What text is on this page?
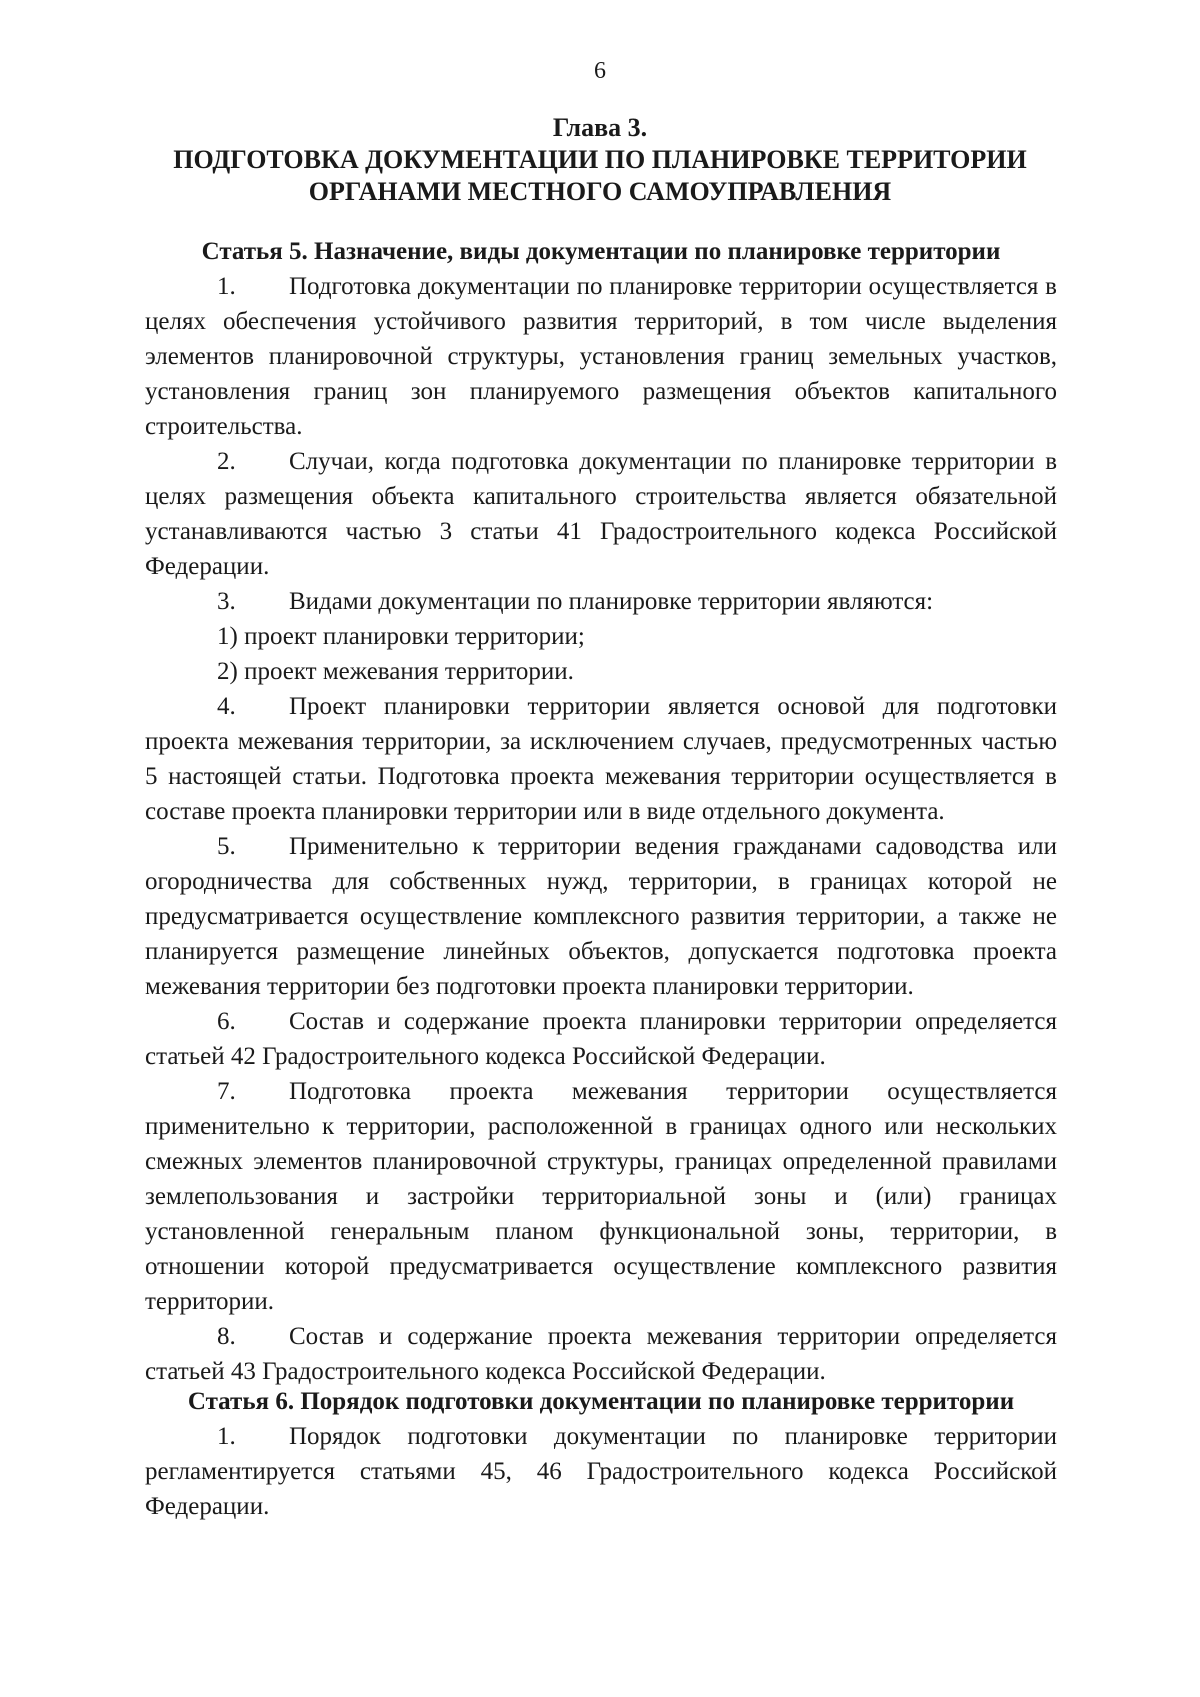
6
Глава 3.
ПОДГОТОВКА ДОКУМЕНТАЦИИ ПО ПЛАНИРОВКЕ ТЕРРИТОРИИ
ОРГАНАМИ МЕСТНОГО САМОУПРАВЛЕНИЯ
Статья 5. Назначение, виды документации по планировке территории

1. Подготовка документации по планировке территории осуществляется в целях обеспечения устойчивого развития территорий, в том числе выделения элементов планировочной структуры, установления границ земельных участков, установления границ зон планируемого размещения объектов капитального строительства.

2. Случаи, когда подготовка документации по планировке территории в целях размещения объекта капитального строительства является обязательной устанавливаются частью 3 статьи 41 Градостроительного кодекса Российской Федерации.

3. Видами документации по планировке территории являются:

1) проект планировки территории;

2) проект межевания территории.

4. Проект планировки территории является основой для подготовки проекта межевания территории, за исключением случаев, предусмотренных частью 5 настоящей статьи. Подготовка проекта межевания территории осуществляется в составе проекта планировки территории или в виде отдельного документа.

5. Применительно к территории ведения гражданами садоводства или огородничества для собственных нужд, территории, в границах которой не предусматривается осуществление комплексного развития территории, а также не планируется размещение линейных объектов, допускается подготовка проекта межевания территории без подготовки проекта планировки территории.

6. Состав и содержание проекта планировки территории определяется статьей 42 Градостроительного кодекса Российской Федерации.

7. Подготовка проекта межевания территории осуществляется применительно к территории, расположенной в границах одного или нескольких смежных элементов планировочной структуры, границах определенной правилами землепользования и застройки территориальной зоны и (или) границах установленной генеральным планом функциональной зоны, территории, в отношении которой предусматривается осуществление комплексного развития территории.

8. Состав и содержание проекта межевания территории определяется статьей 43 Градостроительного кодекса Российской Федерации.

Статья 6. Порядок подготовки документации по планировке территории

1. Порядок подготовки документации по планировке территории регламентируется статьями 45, 46 Градостроительного кодекса Российской Федерации.
